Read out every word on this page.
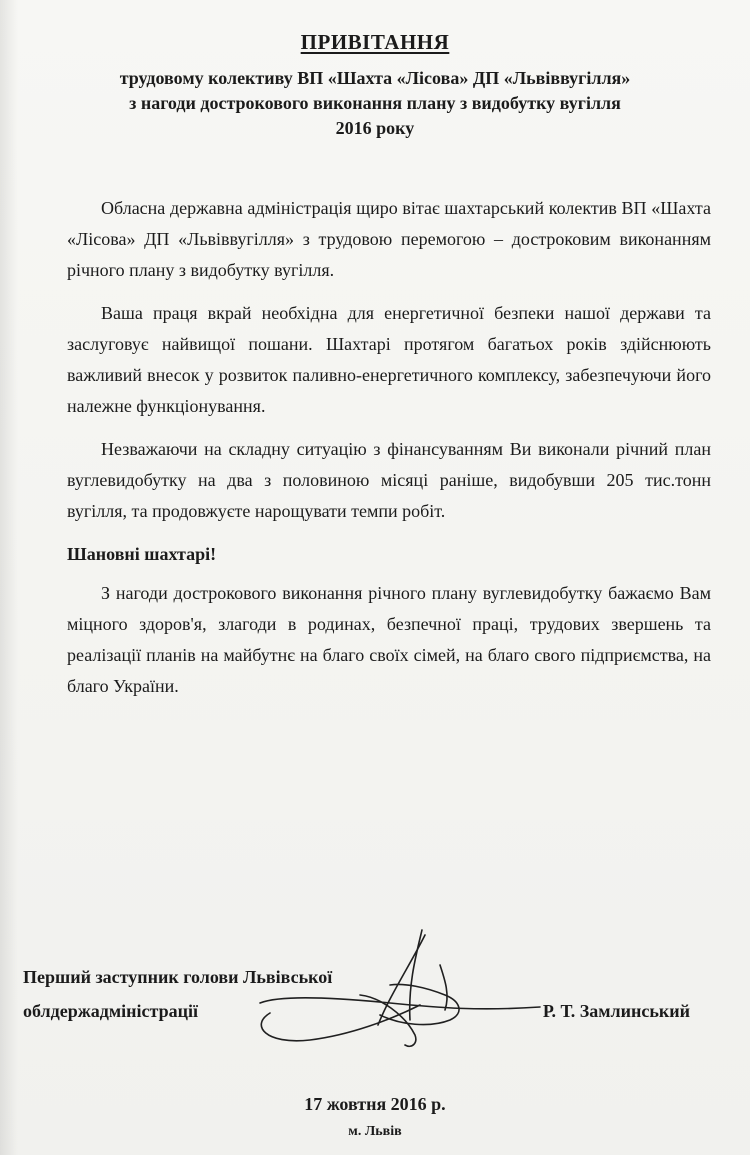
ПРИВІТАННЯ
трудовому колективу ВП «Шахта «Лісова» ДП «Львіввугілля»
з нагоди дострокового виконання плану з видобутку вугілля
2016 року

Обласна державна адміністрація щиро вітає шахтарський колектив ВП «Шахта «Лісова» ДП «Львіввугілля» з трудовою перемогою – достроковим виконанням річного плану з видобутку вугілля.

Ваша праця вкрай необхідна для енергетичної безпеки нашої держави та заслуговує найвищої пошани. Шахтарі протягом багатьох років здійснюють важливий внесок у розвиток паливно-енергетичного комплексу, забезпечуючи його належне функціонування.

Незважаючи на складну ситуацію з фінансуванням Ви виконали річний план вуглевидобутку на два з половиною місяці раніше, видобувши 205 тис.тонн вугілля, та продовжуєте нарощувати темпи робіт.

Шановні шахтарі!

З нагоди дострокового виконання річного плану вуглевидобутку бажаємо Вам міцного здоров'я, злагоди в родинах, безпечної праці, трудових звершень та реалізації планів на майбутнє на благо своїх сімей, на благо свого підприємства, на благо України.

Перший заступник голови Львівської
облдержадміністрації	Р. Т. Замлинський
17 жовтня 2016 р.
м. Львів
